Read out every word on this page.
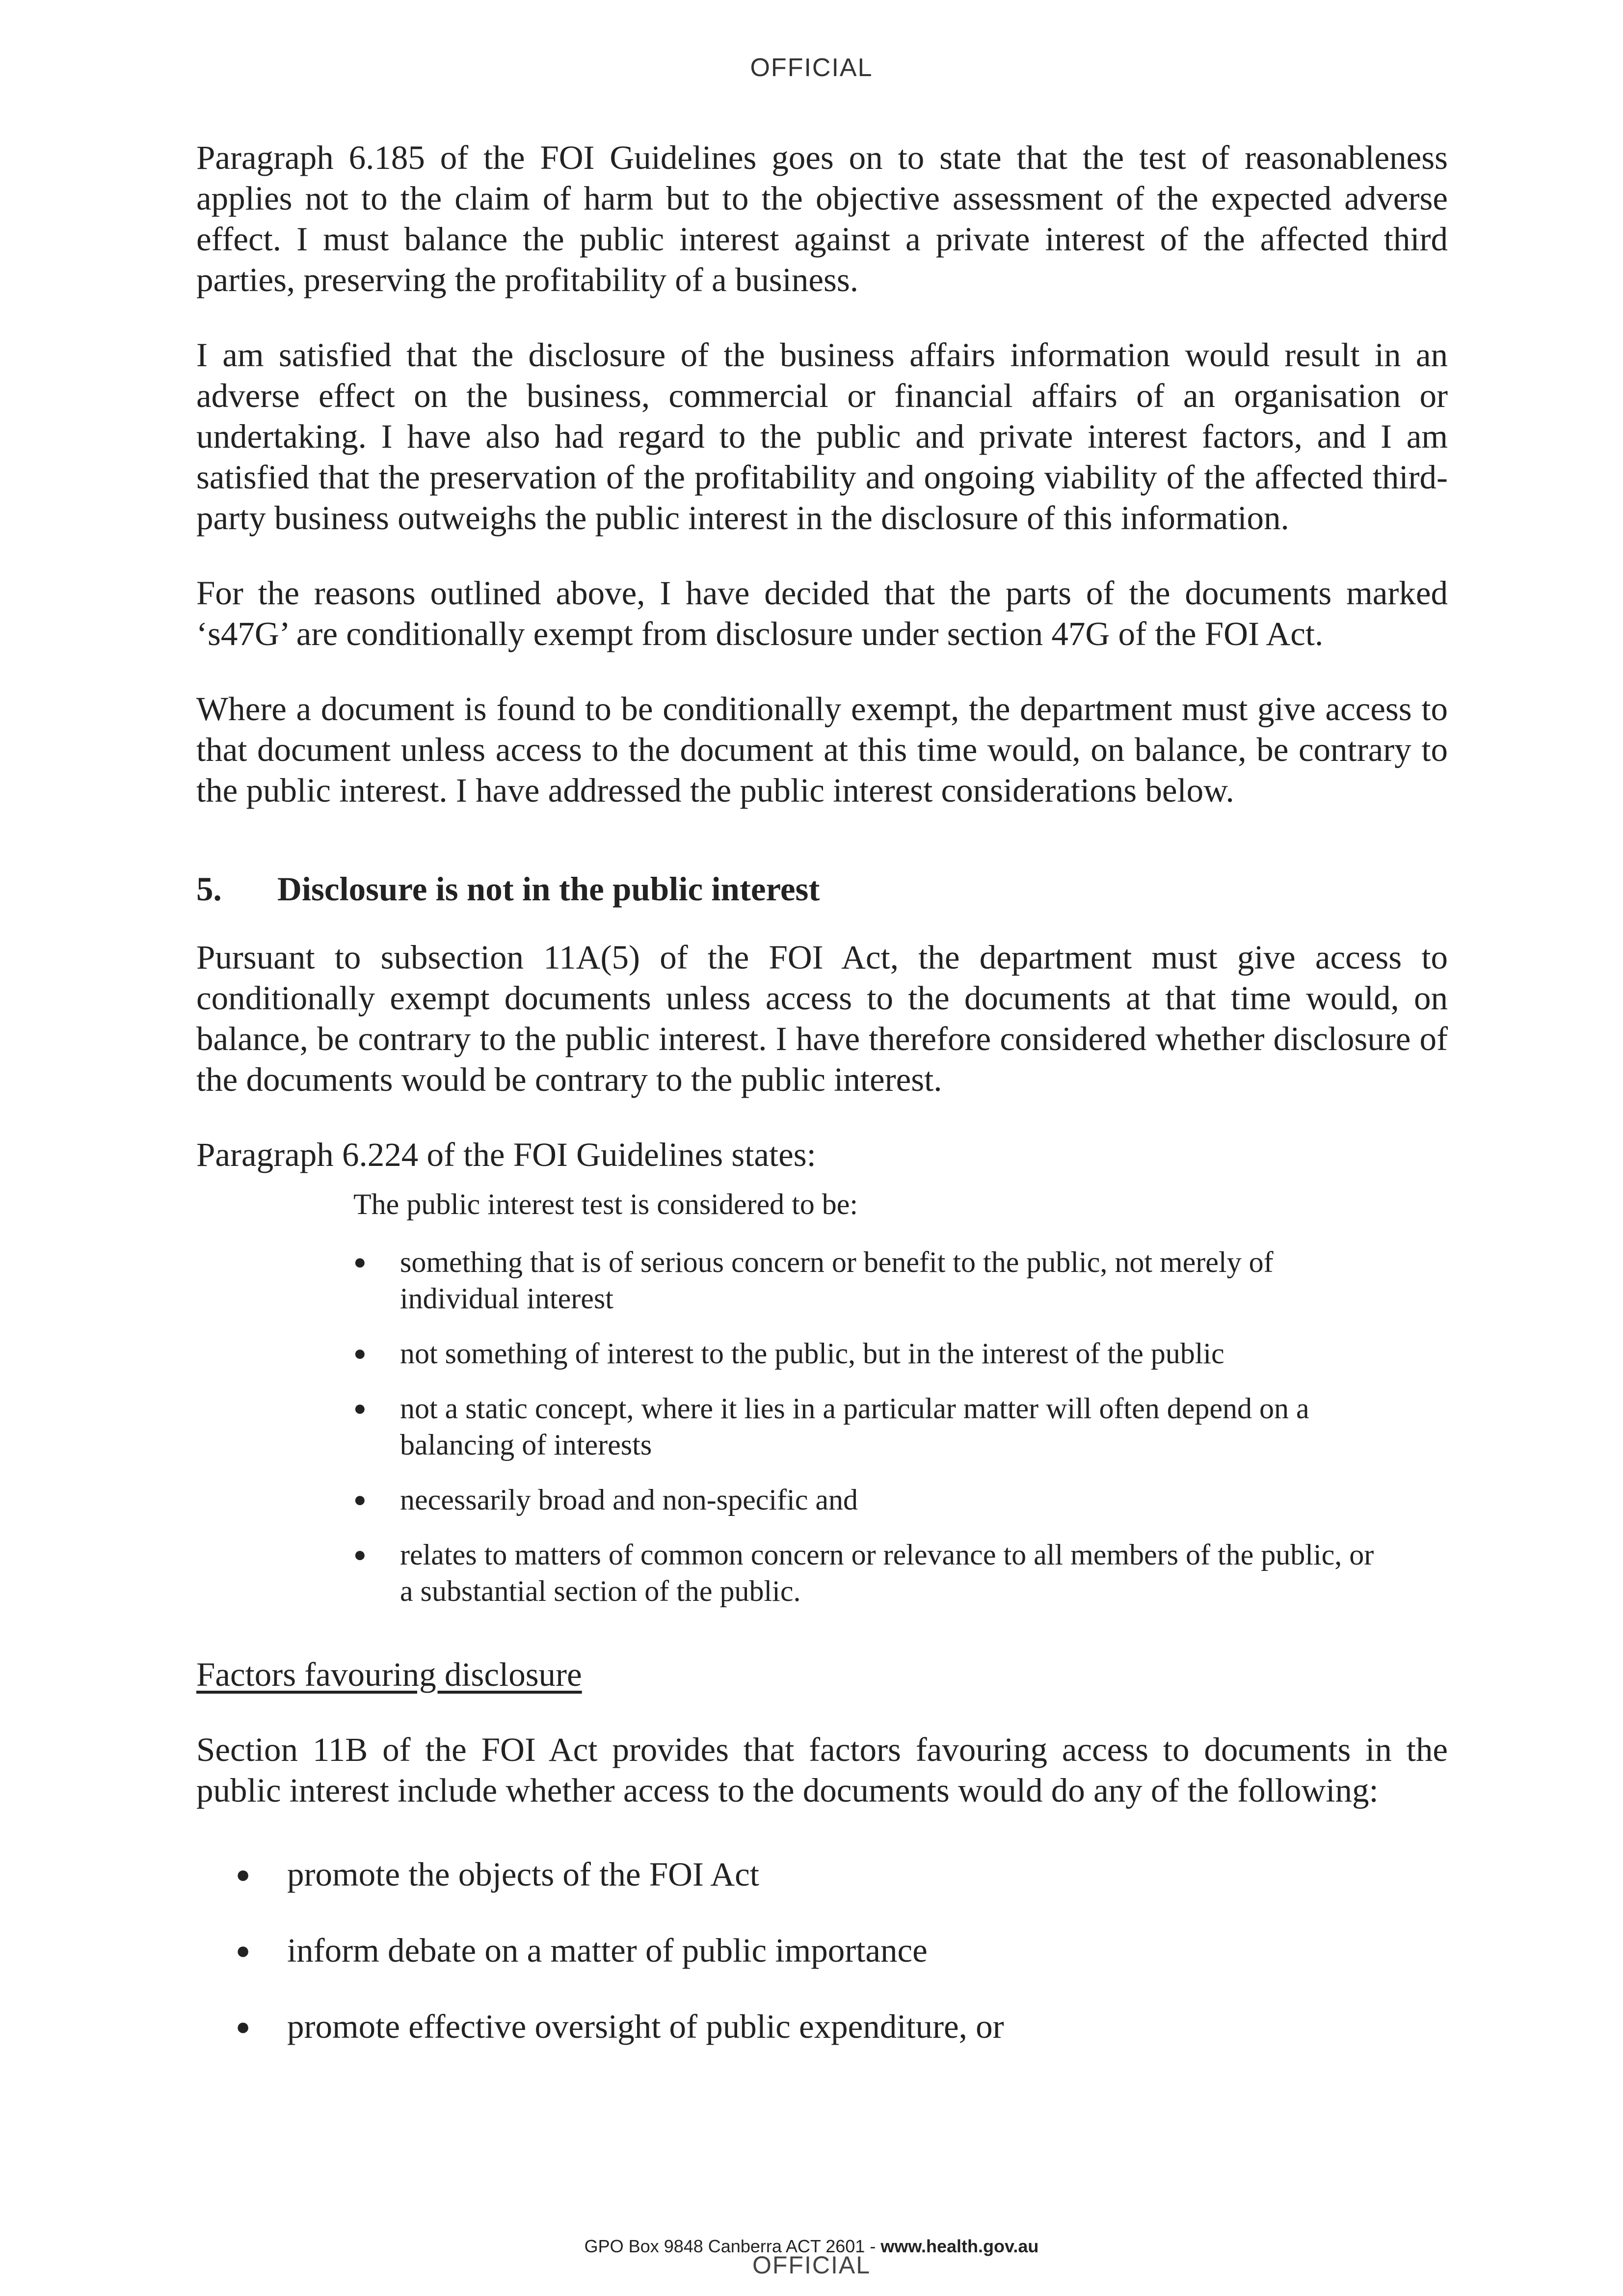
OFFICIAL

Paragraph 6.185 of the FOI Guidelines goes on to state that the test of reasonableness applies not to the claim of harm but to the objective assessment of the expected adverse effect. I must balance the public interest against a private interest of the affected third parties, preserving the profitability of a business.

I am satisfied that the disclosure of the business affairs information would result in an adverse effect on the business, commercial or financial affairs of an organisation or undertaking. I have also had regard to the public and private interest factors, and I am satisfied that the preservation of the profitability and ongoing viability of the affected third-party business outweighs the public interest in the disclosure of this information.

For the reasons outlined above, I have decided that the parts of the documents marked ‘s47G’ are conditionally exempt from disclosure under section 47G of the FOI Act.

Where a document is found to be conditionally exempt, the department must give access to that document unless access to the document at this time would, on balance, be contrary to the public interest. I have addressed the public interest considerations below.

5.	Disclosure is not in the public interest

Pursuant to subsection 11A(5) of the FOI Act, the department must give access to conditionally exempt documents unless access to the documents at that time would, on balance, be contrary to the public interest. I have therefore considered whether disclosure of the documents would be contrary to the public interest.

Paragraph 6.224 of the FOI Guidelines states:

The public interest test is considered to be:

●	something that is of serious concern or benefit to the public, not merely of individual interest
●	not something of interest to the public, but in the interest of the public
●	not a static concept, where it lies in a particular matter will often depend on a balancing of interests
●	necessarily broad and non-specific and
●	relates to matters of common concern or relevance to all members of the public, or a substantial section of the public.
Factors favouring disclosure

Section 11B of the FOI Act provides that factors favouring access to documents in the public interest include whether access to the documents would do any of the following:

●	promote the objects of the FOI Act
●	inform debate on a matter of public importance
●	promote effective oversight of public expenditure, or
GPO Box 9848 Canberra ACT 2601 - www.health.gov.au
OFFICIAL
